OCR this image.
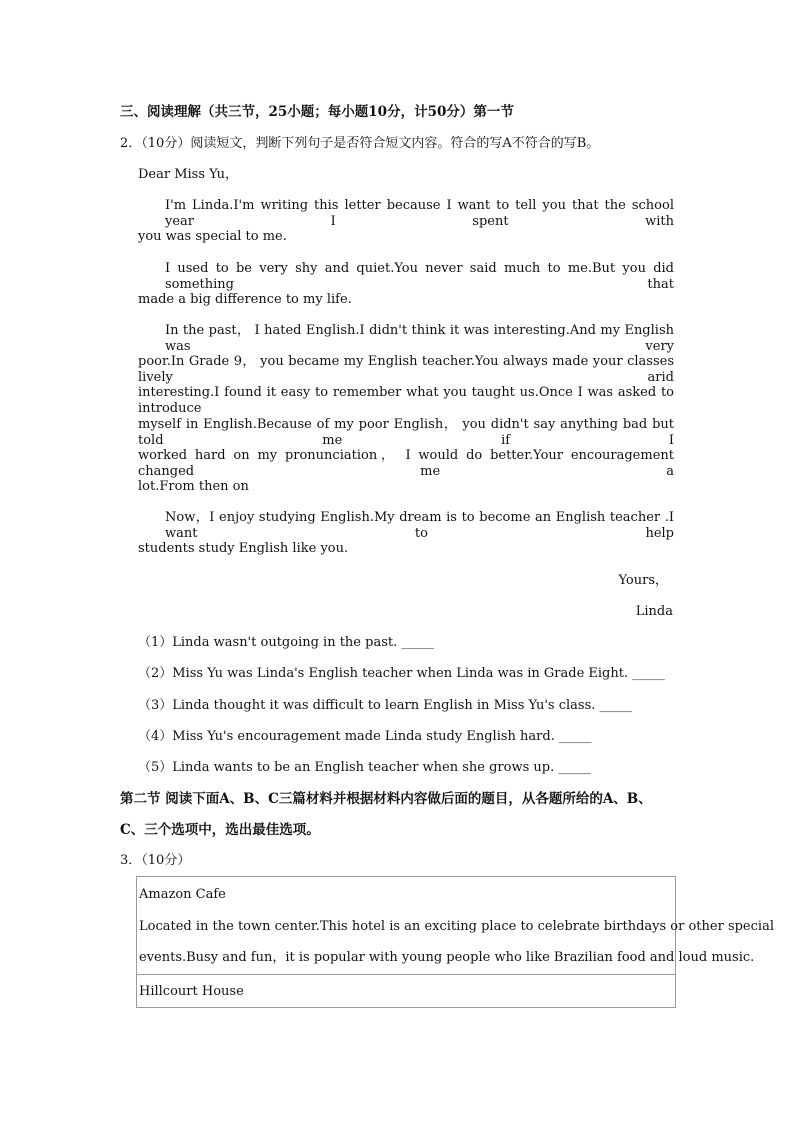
三、阅读理解（共三节，25小题；每小题10分，计50分）第一节
2．（10分）阅读短文，判断下列句子是否符合短文内容。符合的写A不符合的写B。
Dear Miss Yu，
I'm Linda.I'm writing this letter because I want to tell you that the school year I spent with
you was special to me.
I used to be very shy and quiet.You never said much to me.But you did something that
made a big difference to my life.
In the past， I hated English.I didn't think it was interesting.And my English was very
poor.In Grade 9， you became my English teacher.You always made your classes lively arid
interesting.I found it easy to remember what you taught us.Once I was asked to introduce
myself in English.Because of my poor English， you didn't say anything bad but told me if I
worked hard on my pronunciation， I would do better.Your encouragement changed me a
lot.From then on
Now，I enjoy studying English.My dream is to become an English teacher .I want to help
students study English like you.
Yours，
Linda
（1）Linda wasn't outgoing in the past. _____
（2）Miss Yu was Linda's English teacher when Linda was in Grade Eight. _____
（3）Linda thought it was difficult to learn English in Miss Yu's class. _____
（4）Miss Yu's encouragement made Linda study English hard. _____
（5）Linda wants to be an English teacher when she grows up. _____
第二节 阅读下面A、B、C三篇材料并根据材料内容做后面的题目，从各题所给的A、B、
C、三个选项中，选出最佳选项。
3．（10分）
Amazon Cafe
Located in the town center.This hotel is an exciting place to celebrate birthdays or other special
events.Busy and fun，it is popular with young people who like Brazilian food and loud music.
Hillcourt House
